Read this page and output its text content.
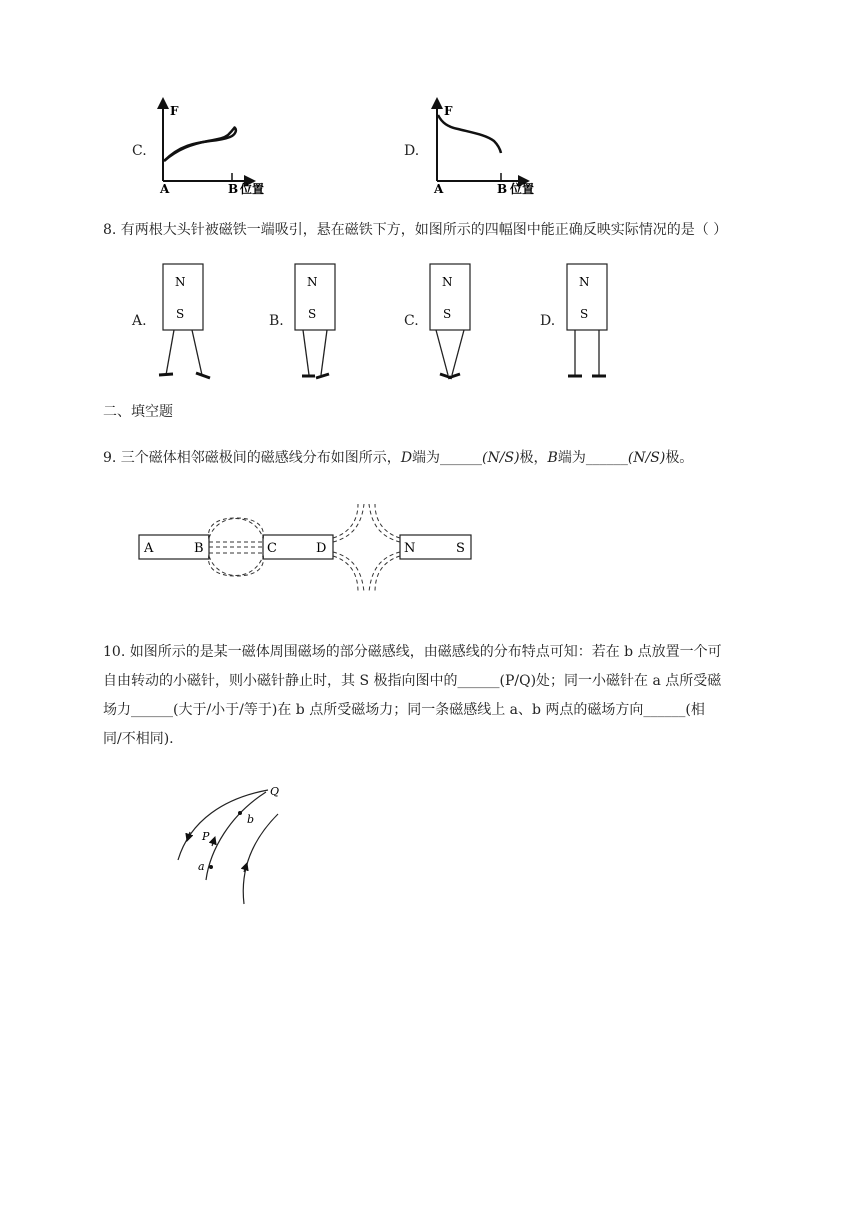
C.
F
A	B 位置
D.
F
A	B 位置
8. 有两根大头针被磁铁一端吸引，悬在磁铁下方，如图所示的四幅图中能正确反映实际情况的是（ ）
A.	B.	C.	D.
N
S
N
S
N
S
N
S
二、填空题
9. 三个磁体相邻磁极间的磁感线分布如图所示，D端为______(N/S)极，B端为______(N/S)极。
A	B	C	D	N	S
10. 如图所示的是某一磁体周围磁场的部分磁感线，由磁感线的分布特点可知：若在 b 点放置一个可
自由转动的小磁针，则小磁针静止时，其 S 极指向图中的______(P/Q)处；同一小磁针在 a 点所受磁
场力______(大于/小于/等于)在 b 点所受磁场力；同一条磁感线上 a、b 两点的磁场方向______(相
同/不相同).
Q
b
P
a
